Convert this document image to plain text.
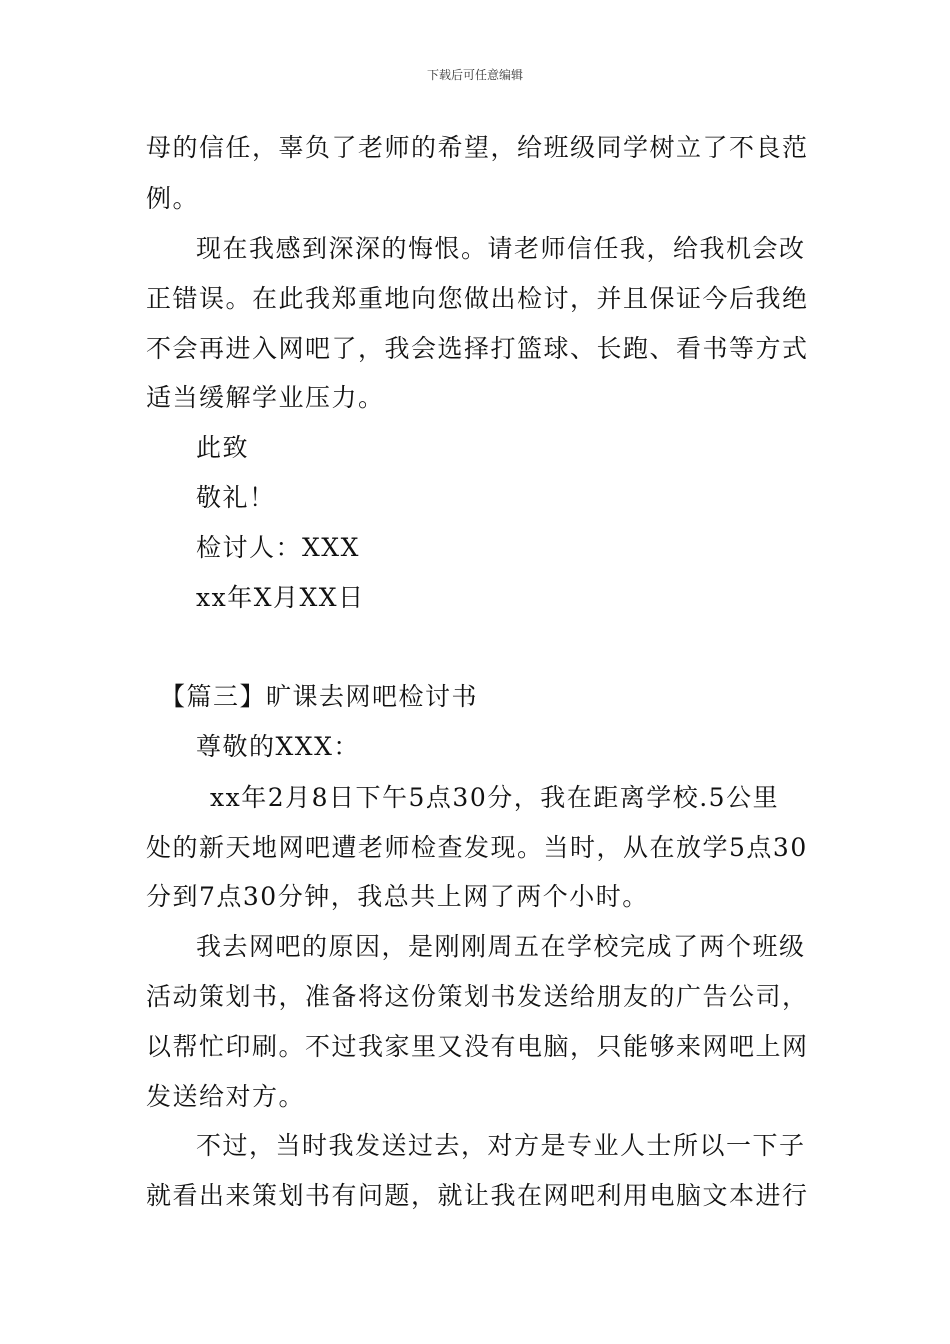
下载后可任意编辑
母的信任，辜负了老师的希望，给班级同学树立了不良范
例。
现在我感到深深的悔恨。请老师信任我，给我机会改
正错误。在此我郑重地向您做出检讨，并且保证今后我绝
不会再进入网吧了，我会选择打篮球、长跑、看书等方式
适当缓解学业压力。
此致
敬礼！
检讨人：XXX
xx年X月XX日
【篇三】旷课去网吧检讨书
尊敬的XXX：
xx年2月8日下午5点30分，我在距离学校.5公里
处的新天地网吧遭老师检查发现。当时，从在放学5点30
分到7点30分钟，我总共上网了两个小时。
我去网吧的原因，是刚刚周五在学校完成了两个班级
活动策划书，准备将这份策划书发送给朋友的广告公司，
以帮忙印刷。不过我家里又没有电脑，只能够来网吧上网
发送给对方。
不过，当时我发送过去，对方是专业人士所以一下子
就看出来策划书有问题，就让我在网吧利用电脑文本进行
